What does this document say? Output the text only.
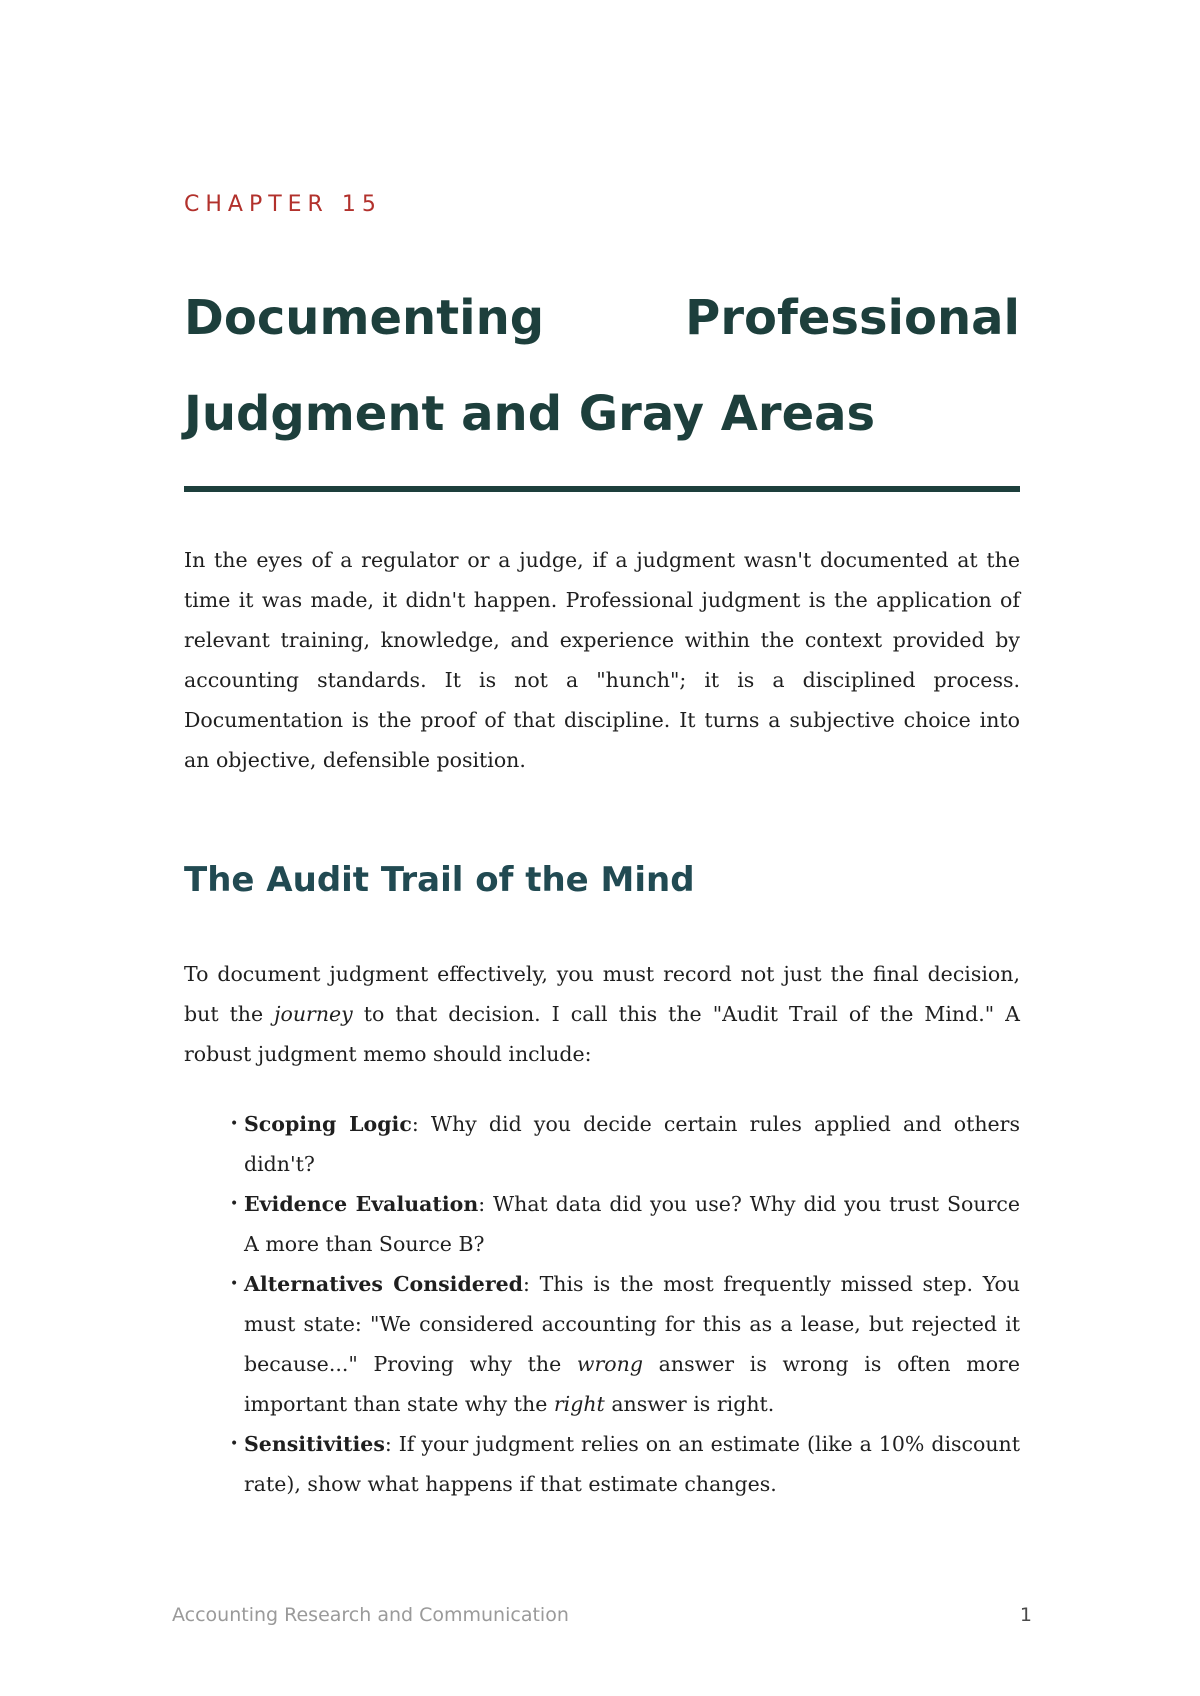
CHAPTER 15
Documenting Professional
Judgment and Gray Areas

In the eyes of a regulator or a judge, if a judgment wasn't documented at the time it was made, it didn't happen. Professional judgment is the application of relevant training, knowledge, and experience within the context provided by accounting standards. It is not a "hunch"; it is a disciplined process. Documentation is the proof of that discipline. It turns a subjective choice into an objective, defensible position.

The Audit Trail of the Mind

To document judgment effectively, you must record not just the final decision, but the journey to that decision. I call this the "Audit Trail of the Mind." A robust judgment memo should include:

• Scoping Logic: Why did you decide certain rules applied and others didn't?
• Evidence Evaluation: What data did you use? Why did you trust Source A more than Source B?
• Alternatives Considered: This is the most frequently missed step. You must state: "We considered accounting for this as a lease, but rejected it because..." Proving why the wrong answer is wrong is often more important than state why the right answer is right.
• Sensitivities: If your judgment relies on an estimate (like a 10% discount rate), show what happens if that estimate changes.
Accounting Research and Communication	1
